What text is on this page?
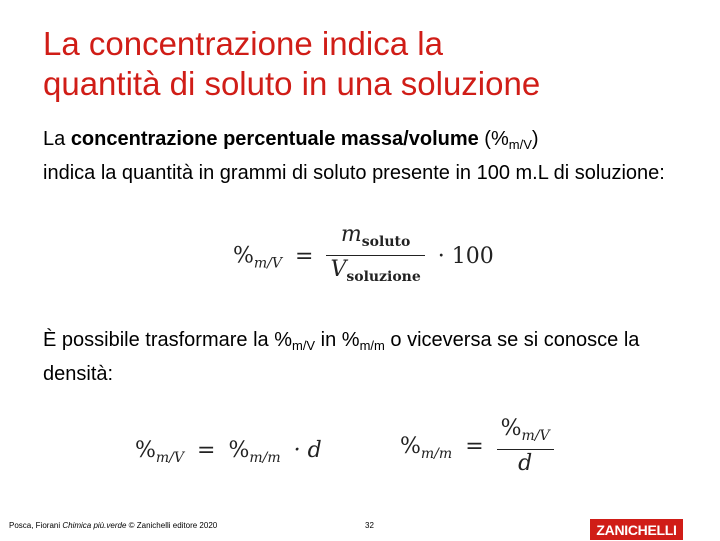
La concentrazione indica la
quantità di soluto in una soluzione
La concentrazione percentuale massa/volume $(\%_{m/V})$
indica la quantità in grammi di soluto presente in 100 m.L di soluzione:
$\%_{m/V} = \frac{m_{soluto}}{V_{soluzione}} \cdot 100$
È possibile trasformare la $\%_{m/V}$ in $\%_{m/m}$ o viceversa se si conosce la densità:
$\%_{m/V} = \%_{m/m} \cdot d$	$\%_{m/m} = \frac{\%_{m/V}}{d}$
Posca, Fiorani Chimica più.verde © Zanichelli editore 2020	32	ZANICHELLI
